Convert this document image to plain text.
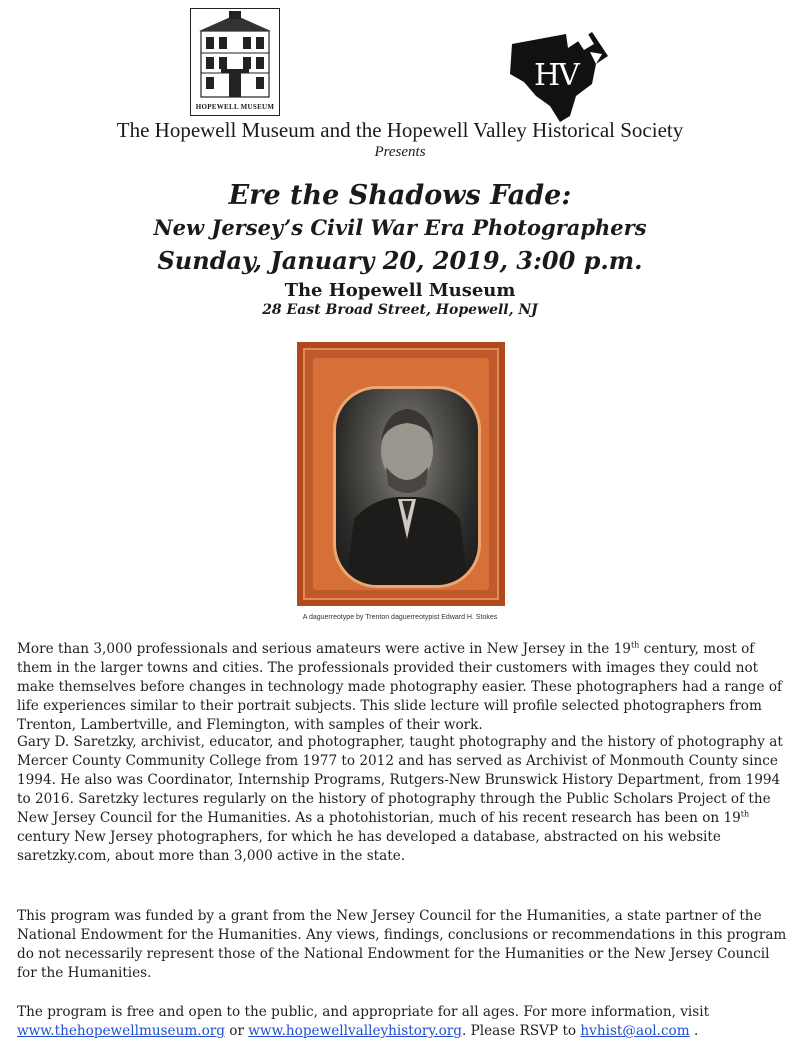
HOPEWELL MUSEUM
HV
The Hopewell Museum and the Hopewell Valley Historical Society
Presents
Ere the Shadows Fade:
New Jersey’s Civil War Era Photographers
Sunday, January 20, 2019, 3:00 p.m.
The Hopewell Museum
28 East Broad Street, Hopewell, NJ
A daguerreotype by Trenton daguerreotypist Edward H. Stokes
More than 3,000 professionals and serious amateurs were active in New Jersey in the 19th century, most of them in the larger towns and cities. The professionals provided their customers with images they could not make themselves before changes in technology made photography easier. These photographers had a range of life experiences similar to their portrait subjects. This slide lecture will profile selected photographers from Trenton, Lambertville, and Flemington, with samples of their work.
Gary D. Saretzky, archivist, educator, and photographer, taught photography and the history of photography at Mercer County Community College from 1977 to 2012 and has served as Archivist of Monmouth County since 1994. He also was Coordinator, Internship Programs, Rutgers-New Brunswick History Department, from 1994 to 2016. Saretzky lectures regularly on the history of photography through the Public Scholars Project of the New Jersey Council for the Humanities. As a photohistorian, much of his recent research has been on 19th century New Jersey photographers, for which he has developed a database, abstracted on his website saretzky.com, about more than 3,000 active in the state.
This program was funded by a grant from the New Jersey Council for the Humanities, a state partner of the National Endowment for the Humanities. Any views, findings, conclusions or recommendations in this program do not necessarily represent those of the National Endowment for the Humanities or the New Jersey Council for the Humanities.
The program is free and open to the public, and appropriate for all ages. For more information, visit www.thehopewellmuseum.org or www.hopewellvalleyhistory.org. Please RSVP to hvhist@aol.com .
